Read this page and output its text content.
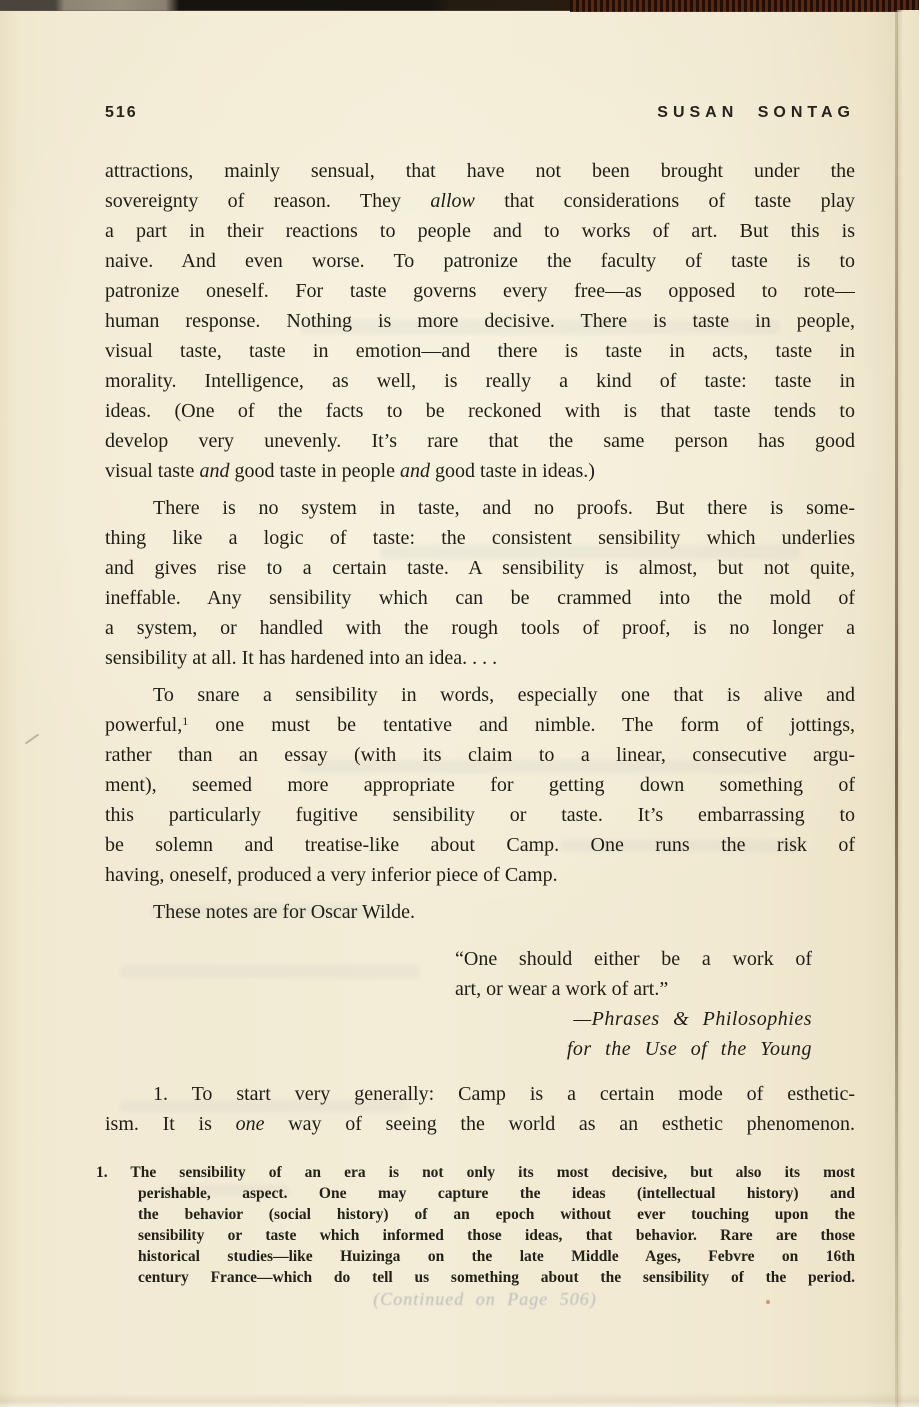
516	SUSAN SONTAG
attractions, mainly sensual, that have not been brought under the
sovereignty of reason. They allow that considerations of taste play
a part in their reactions to people and to works of art. But this is
naive. And even worse. To patronize the faculty of taste is to
patronize oneself. For taste governs every free—as opposed to rote—
human response. Nothing is more decisive. There is taste in people,
visual taste, taste in emotion—and there is taste in acts, taste in
morality. Intelligence, as well, is really a kind of taste: taste in
ideas. (One of the facts to be reckoned with is that taste tends to
develop very unevenly. It’s rare that the same person has good
visual taste and good taste in people and good taste in ideas.)
There is no system in taste, and no proofs. But there is some-
thing like a logic of taste: the consistent sensibility which underlies
and gives rise to a certain taste. A sensibility is almost, but not quite,
ineffable. Any sensibility which can be crammed into the mold of
a system, or handled with the rough tools of proof, is no longer a
sensibility at all. It has hardened into an idea. . . .
To snare a sensibility in words, especially one that is alive and
powerful,$^1$ one must be tentative and nimble. The form of jottings,
rather than an essay (with its claim to a linear, consecutive argu-
ment), seemed more appropriate for getting down something of
this particularly fugitive sensibility or taste. It’s embarrassing to
be solemn and treatise-like about Camp. One runs the risk of
having, oneself, produced a very inferior piece of Camp.
These notes are for Oscar Wilde.
“One should either be a work of
art, or wear a work of art.”
—Phrases & Philosophies
for the Use of the Young
1. To start very generally: Camp is a certain mode of esthetic-
ism. It is one way of seeing the world as an esthetic phenomenon.
1. The sensibility of an era is not only its most decisive, but also its most
perishable, aspect. One may capture the ideas (intellectual history) and
the behavior (social history) of an epoch without ever touching upon the
sensibility or taste which informed those ideas, that behavior. Rare are those
historical studies—like Huizinga on the late Middle Ages, Febvre on 16th
century France—which do tell us something about the sensibility of the period.
(Continued on Page 506)
